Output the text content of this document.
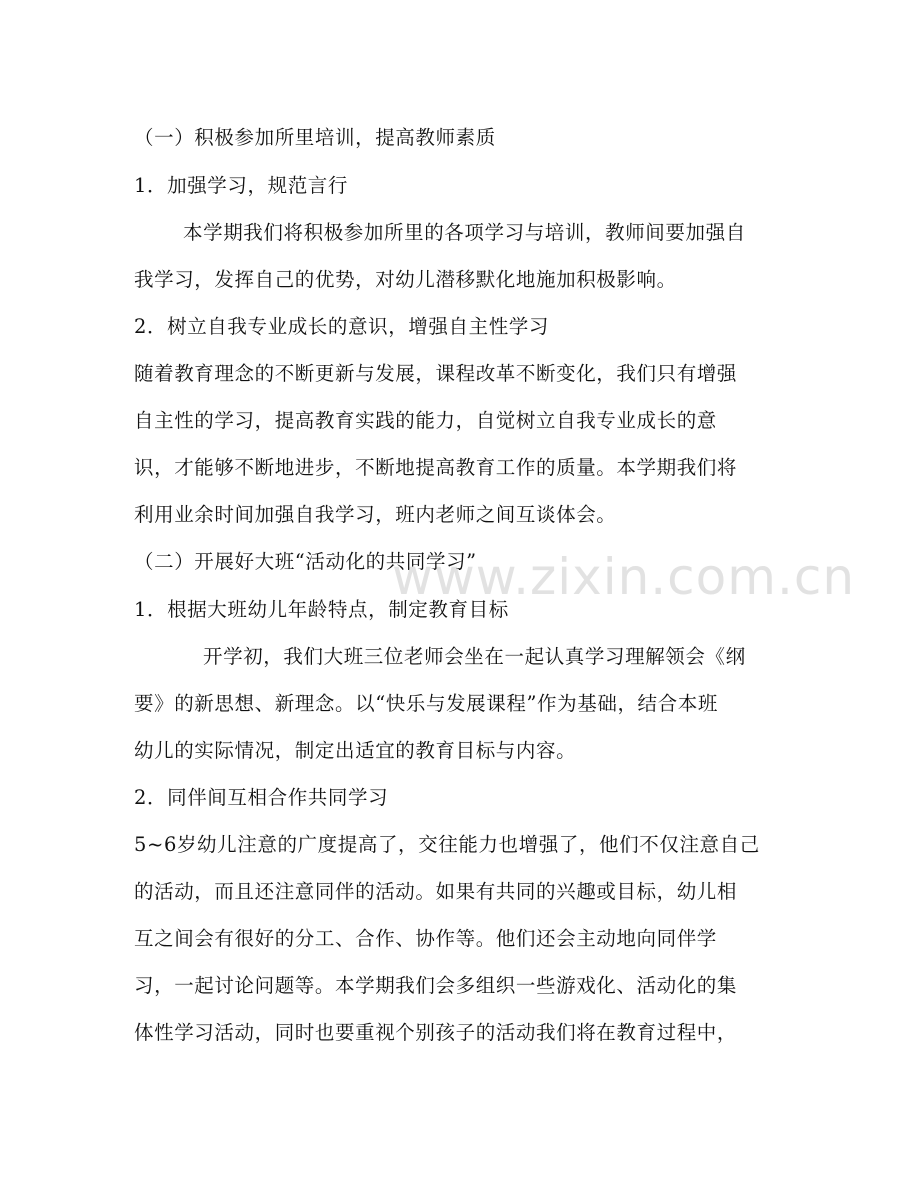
www.zixin.com.cn
（一）积极参加所里培训，提高教师素质
1．加强学习，规范言行
本学期我们将积极参加所里的各项学习与培训，教师间要加强自
我学习，发挥自己的优势，对幼儿潜移默化地施加积极影响。
2．树立自我专业成长的意识，增强自主性学习
随着教育理念的不断更新与发展，课程改革不断变化，我们只有增强
自主性的学习，提高教育实践的能力，自觉树立自我专业成长的意
识，才能够不断地进步，不断地提高教育工作的质量。本学期我们将
利用业余时间加强自我学习，班内老师之间互谈体会。
（二）开展好大班“活动化的共同学习”
1．根据大班幼儿年龄特点，制定教育目标
开学初，我们大班三位老师会坐在一起认真学习理解领会《纲
要》的新思想、新理念。以“快乐与发展课程”作为基础，结合本班
幼儿的实际情况，制定出适宜的教育目标与内容。
2．同伴间互相合作共同学习
5~6岁幼儿注意的广度提高了，交往能力也增强了，他们不仅注意自己
的活动，而且还注意同伴的活动。如果有共同的兴趣或目标，幼儿相
互之间会有很好的分工、合作、协作等。他们还会主动地向同伴学
习，一起讨论问题等。本学期我们会多组织一些游戏化、活动化的集
体性学习活动，同时也要重视个别孩子的活动我们将在教育过程中，
